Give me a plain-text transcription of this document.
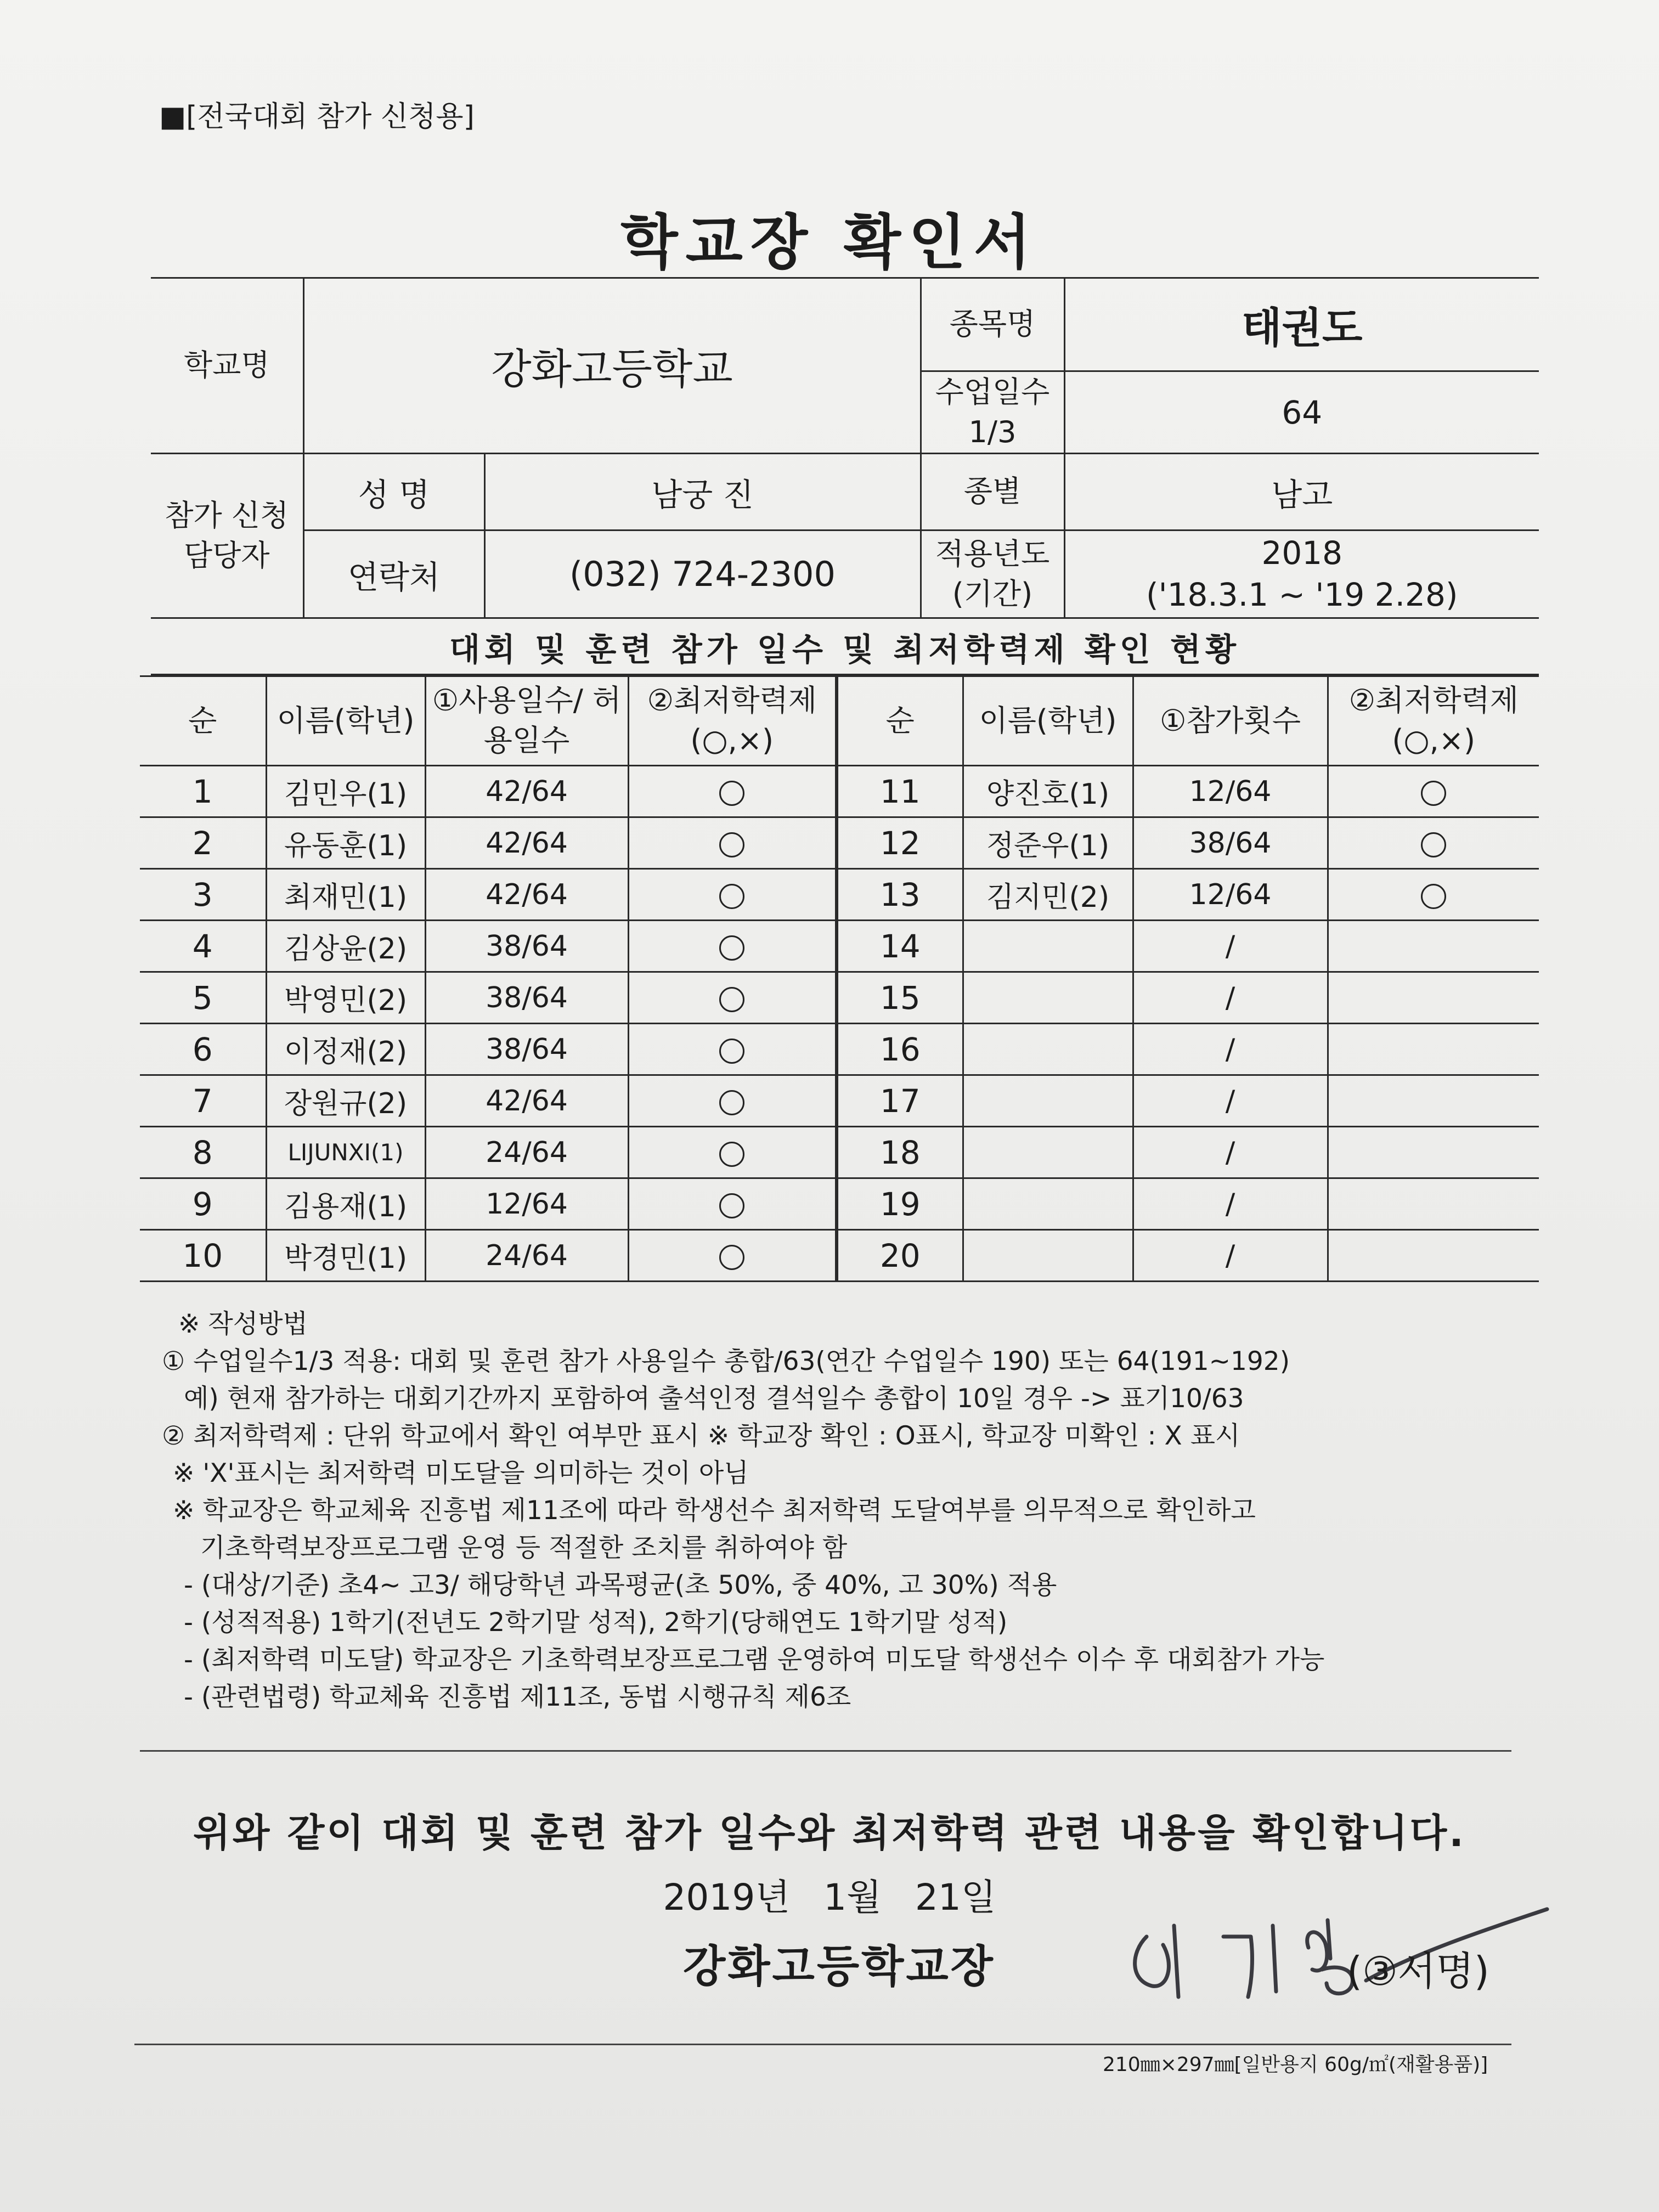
■[전국대회 참가 신청용]
학교장 확인서
학교명	강화고등학교		종목명	태권도
			수업일수 1/3	64
참가 신청 담당자	성 명	남궁 진	종별	남고
	연락처	(032) 724-2300	적용년도 (기간)	2018
('18.3.1 ~ '19 2.28)
대회 및 훈련 참가 일수 및 최저학력제 확인 현황
순	이름(학년)	①사용일수/ 허용일수	②최저학력제 (○,×)	순	이름(학년)	①참가횟수	②최저학력제 (○,×)
1	김민우(1)	42/64		11	양진호(1)	12/64	
2	유동훈(1)	42/64		12	정준우(1)	38/64	
3	최재민(1)	42/64		13	김지민(2)	12/64	
4	김상윤(2)	38/64		14		/	
5	박영민(2)	38/64		15		/	
6	이정재(2)	38/64		16		/	
7	장원규(2)	42/64		17		/	
8	LIJUNXI(1)	24/64		18		/	
9	김용재(1)	12/64		19		/	
10	박경민(1)	24/64		20		/	
※ 작성방법
① 수업일수1/3 적용: 대회 및 훈련 참가 사용일수 총합/63(연간 수업일수 190) 또는 64(191~192)
예) 현재 참가하는 대회기간까지 포함하여 출석인정 결석일수 총합이 10일 경우 -> 표기10/63
② 최저학력제 : 단위 학교에서 확인 여부만 표시 ※ 학교장 확인 : O표시, 학교장 미확인 : X 표시
※ 'X'표시는 최저학력 미도달을 의미하는 것이 아님
※ 학교장은 학교체육 진흥법 제11조에 따라 학생선수 최저학력 도달여부를 의무적으로 확인하고
기초학력보장프로그램 운영 등 적절한 조치를 취하여야 함
- (대상/기준) 초4~ 고3/ 해당학년 과목평균(초 50%, 중 40%, 고 30%) 적용
- (성적적용) 1학기(전년도 2학기말 성적), 2학기(당해연도 1학기말 성적)
- (최저학력 미도달) 학교장은 기초학력보장프로그램 운영하여 미도달 학생선수 이수 후 대회참가 가능
- (관련법령) 학교체육 진흥법 제11조, 동법 시행규칙 제6조
위와 같이 대회 및 훈련 참가 일수와 최저학력 관련 내용을 확인합니다.
2019년 1월 21일
강화고등학교장	(③서명)
210㎜×297㎜[일반용지 60g/㎡(재활용품)]
